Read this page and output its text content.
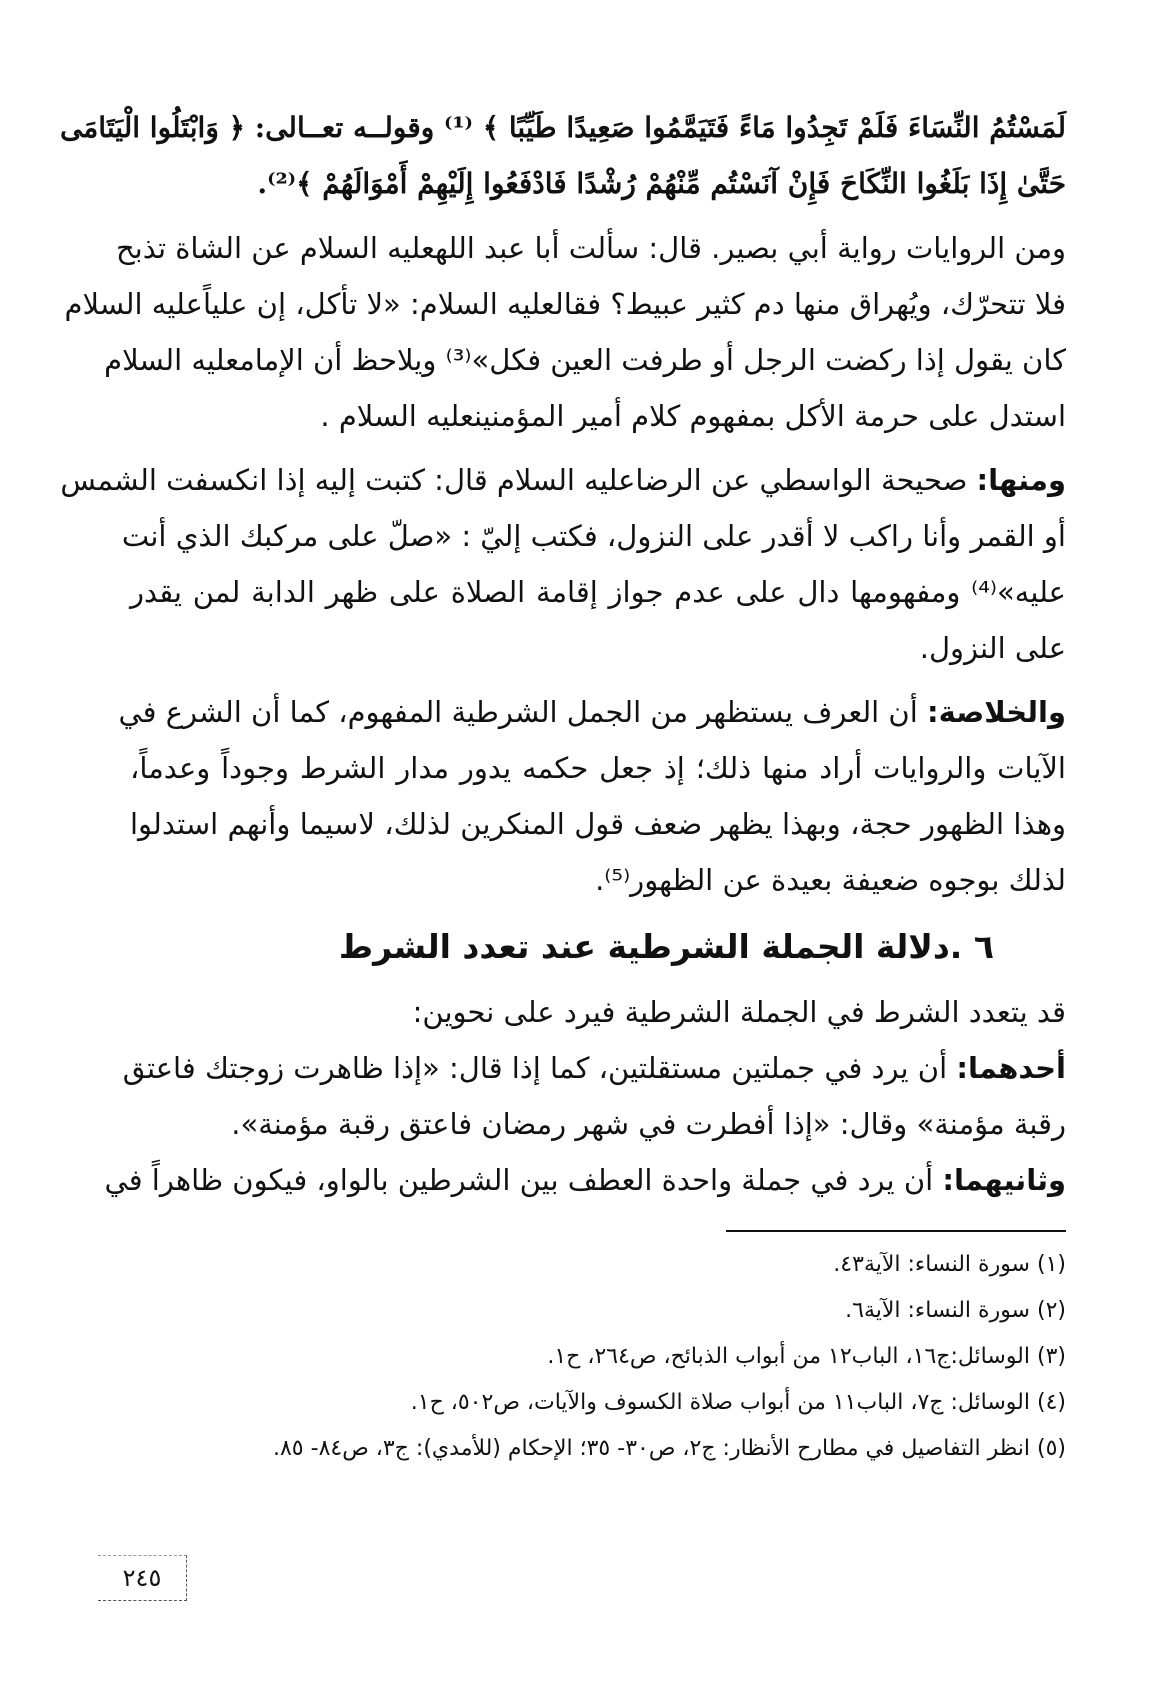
لَمَسْتُمُ النِّسَاءَ فَلَمْ تَجِدُوا مَاءً فَتَيَمَّمُوا صَعِيدًا طَيِّبًا ﴾ ⁽¹⁾ وقولــه تعــالى: ﴿ وَابْتَلُوا الْيَتَامَى
حَتَّىٰ إِذَا بَلَغُوا النِّكَاحَ فَإِنْ آنَسْتُم مِّنْهُمْ رُشْدًا فَادْفَعُوا إِلَيْهِمْ أَمْوَالَهُمْ ﴾⁽²⁾.
ومن الروايات رواية أبي بصير. قال: سألت أبا عبد اللهعليه السلام عن الشاة تذبح
فلا تتحرّك، ويُهراق منها دم كثير عبيط؟ فقالعليه السلام: «لا تأكل، إن علياًعليه السلام
كان يقول إذا ركضت الرجل أو طرفت العين فكل»⁽³⁾ ويلاحظ أن الإمامعليه السلام
استدل على حرمة الأكل بمفهوم كلام أمير المؤمنينعليه السلام .
ومنها: صحيحة الواسطي عن الرضاعليه السلام قال: كتبت إليه إذا انكسفت الشمس
أو القمر وأنا راكب لا أقدر على النزول، فكتب إليّ : «صلّ على مركبك الذي أنت
عليه»⁽⁴⁾ ومفهومها دال على عدم جواز إقامة الصلاة على ظهر الدابة لمن يقدر
على النزول.
والخلاصة: أن العرف يستظهر من الجمل الشرطية المفهوم، كما أن الشرع في
الآيات والروايات أراد منها ذلك؛ إذ جعل حكمه يدور مدار الشرط وجوداً وعدماً،
وهذا الظهور حجة، وبهذا يظهر ضعف قول المنكرين لذلك، لاسيما وأنهم استدلوا
لذلك بوجوه ضعيفة بعيدة عن الظهور⁽⁵⁾.
٦ .دلالة الجملة الشرطية عند تعدد الشرط
قد يتعدد الشرط في الجملة الشرطية فيرد على نحوين:
أحدهما: أن يرد في جملتين مستقلتين، كما إذا قال: «إذا ظاهرت زوجتك فاعتق
رقبة مؤمنة» وقال: «إذا أفطرت في شهر رمضان فاعتق رقبة مؤمنة».
وثانيهما: أن يرد في جملة واحدة العطف بين الشرطين بالواو، فيكون ظاهراً في
(١) سورة النساء: الآية٤٣.
(٢) سورة النساء: الآية٦.
(٣) الوسائل:ج١٦، الباب١٢ من أبواب الذبائح، ص٢٦٤، ح١.
(٤) الوسائل: ج٧، الباب١١ من أبواب صلاة الكسوف والآيات، ص٥٠٢، ح١.
(٥) انظر التفاصيل في مطارح الأنظار: ج٢، ص٣٠- ٣٥؛ الإحكام (للأمدي): ج٣، ص٨٤- ٨٥.
٢٤٥
